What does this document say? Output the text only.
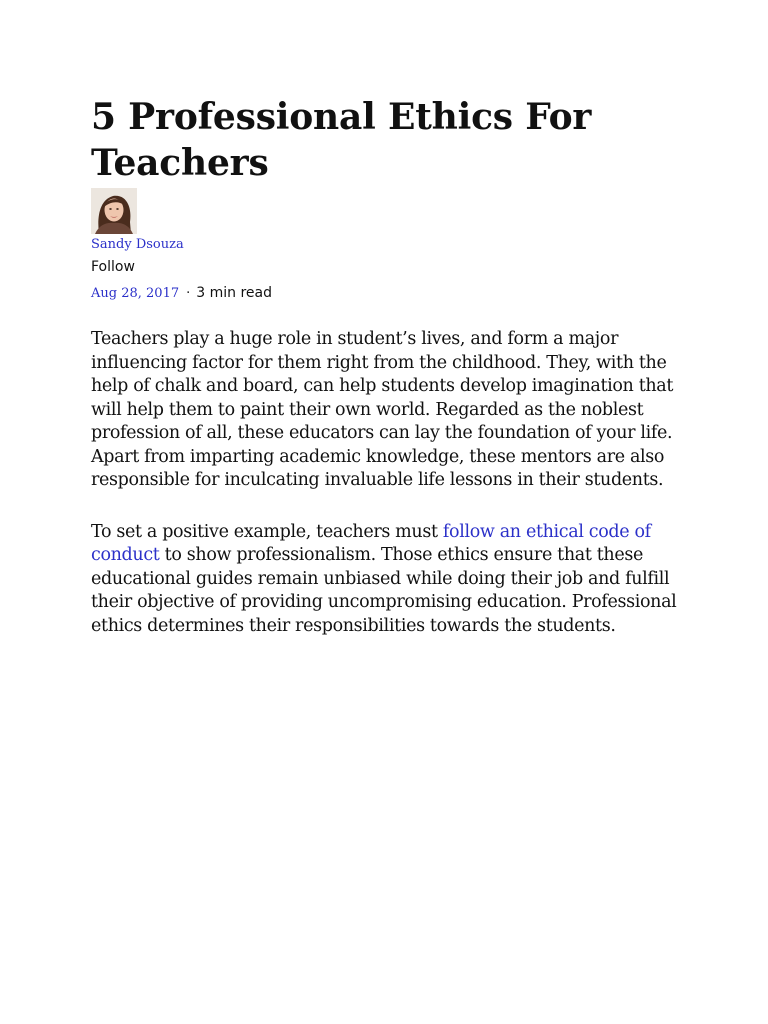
5 Professional Ethics For Teachers
Sandy Dsouza
Follow
Aug 28, 2017 · 3 min read

Teachers play a huge role in student’s lives, and form a major influencing factor for them right from the childhood. They, with the help of chalk and board, can help students develop imagination that will help them to paint their own world. Regarded as the noblest profession of all, these educators can lay the foundation of your life. Apart from imparting academic knowledge, these mentors are also responsible for inculcating invaluable life lessons in their students.

To set a positive example, teachers must follow an ethical code of conduct to show professionalism. Those ethics ensure that these educational guides remain unbiased while doing their job and fulfill their objective of providing uncompromising education. Professional ethics determines their responsibilities towards the students.
